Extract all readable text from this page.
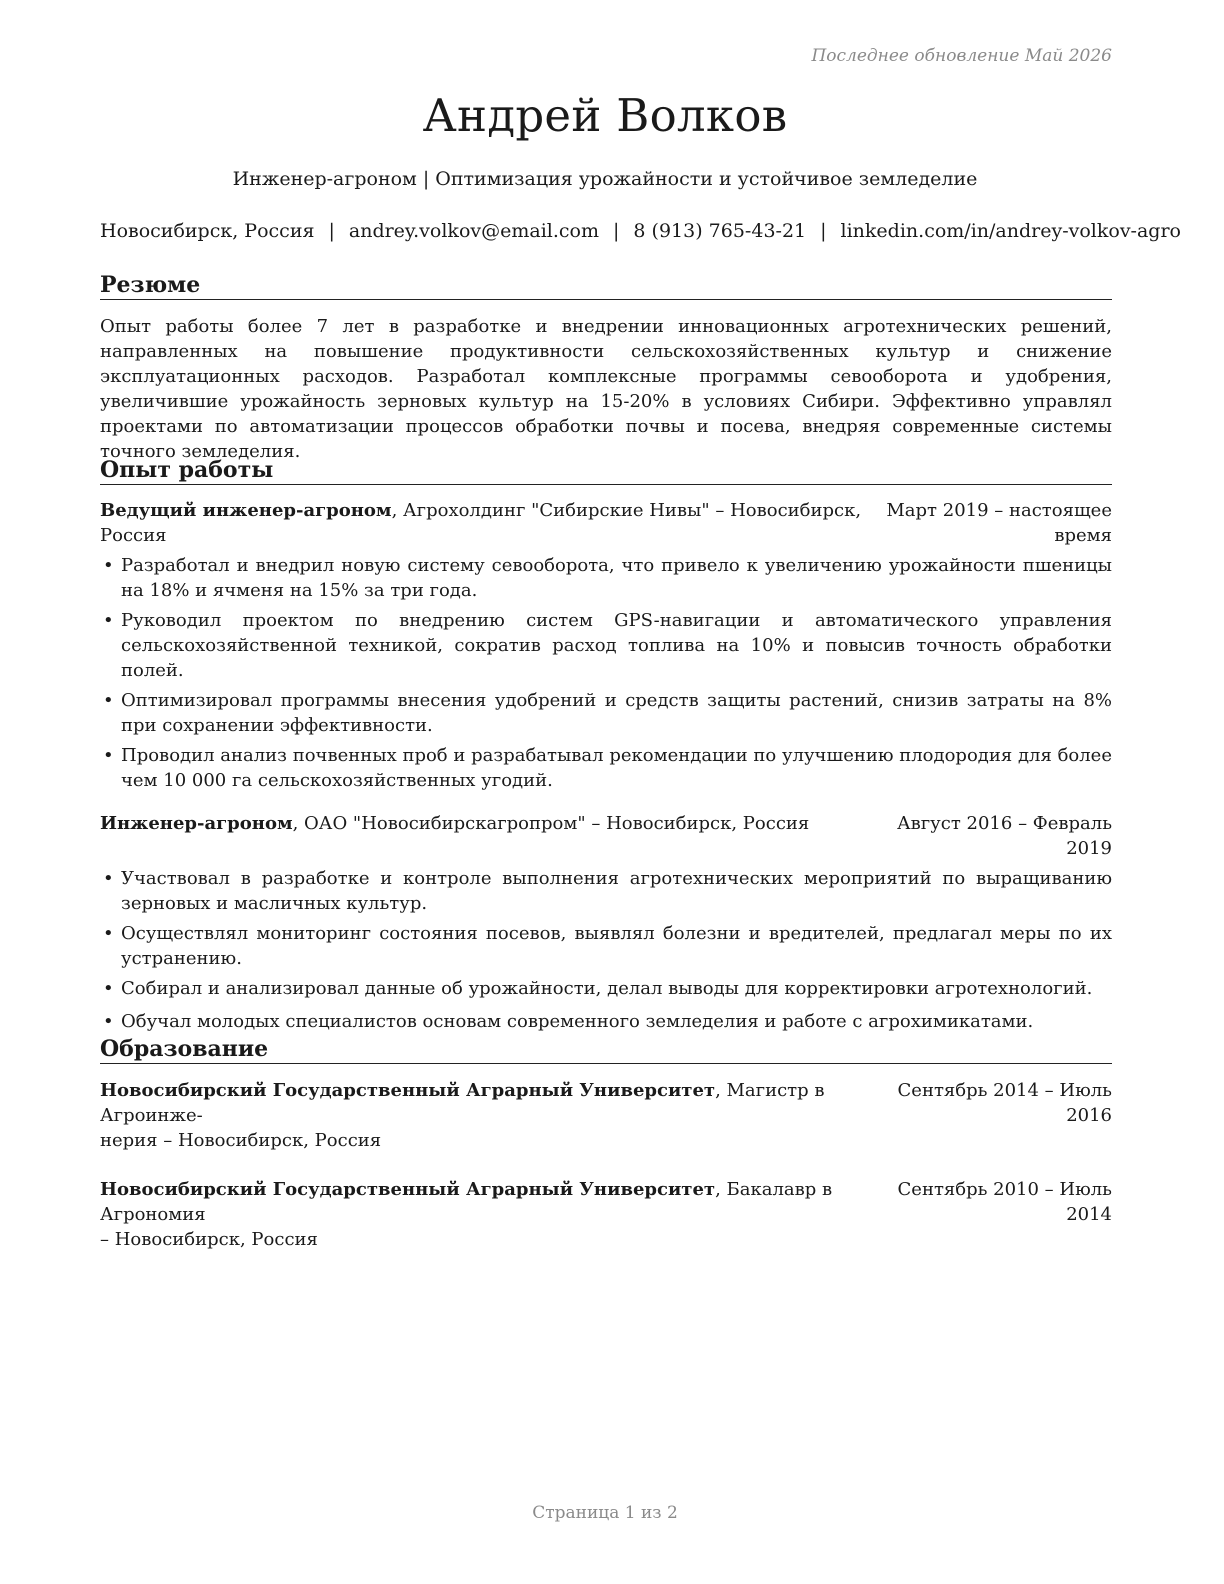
Последнее обновление Май 2026
Андрей Волков
Инженер-агроном | Оптимизация урожайности и устойчивое земледелие
Новосибирск, Россия | andrey.volkov@email.com | 8 (913) 765-43-21 | linkedin.com/in/andrey-volkov-agro
Резюме

Опыт работы более 7 лет в разработке и внедрении инновационных агротехнических решений, направленных на повышение продуктивности сельскохозяйственных культур и снижение эксплуатационных расходов. Разработал комплексные программы севооборота и удобрения, увеличившие урожайность зерновых культур на 15-20% в условиях Сибири. Эффективно управлял проектами по автоматизации процессов обработки почвы и посева, внедряя современные системы точного земледелия.

Опыт работы
Ведущий инженер-агроном, Агрохолдинг "Сибирские Нивы" – Новосибирск, Россия
Март 2019 – настоящее
время
• Разработал и внедрил новую систему севооборота, что привело к увеличению урожайности пшеницы на 18% и ячменя на 15% за три года.
• Руководил проектом по внедрению систем GPS-навигации и автоматического управления сельскохозяйственной техникой, сократив расход топлива на 10% и повысив точность обработки полей.
• Оптимизировал программы внесения удобрений и средств защиты растений, снизив затраты на 8% при сохранении эффективности.
• Проводил анализ почвенных проб и разрабатывал рекомендации по улучшению плодородия для более чем 10 000 га сельскохозяйственных угодий.
Инженер-агроном, ОАО "Новосибирскагропром" – Новосибирск, Россия	Август 2016 – Февраль
2019
• Участвовал в разработке и контроле выполнения агротехнических мероприятий по выращиванию зерновых и масличных культур.
• Осуществлял мониторинг состояния посевов, выявлял болезни и вредителей, предлагал меры по их устранению.
• Собирал и анализировал данные об урожайности, делал выводы для корректировки агротехнологий.
• Обучал молодых специалистов основам современного земледелия и работе с агрохимикатами.
Образование
Новосибирский Государственный Аграрный Университет, Магистр в Агроинже-
нерия – Новосибирск, Россия
Сентябрь 2014 – Июль
2016
Новосибирский Государственный Аграрный Университет, Бакалавр в Агрономия
– Новосибирск, Россия
Сентябрь 2010 – Июль
2014
Страница 1 из 2
